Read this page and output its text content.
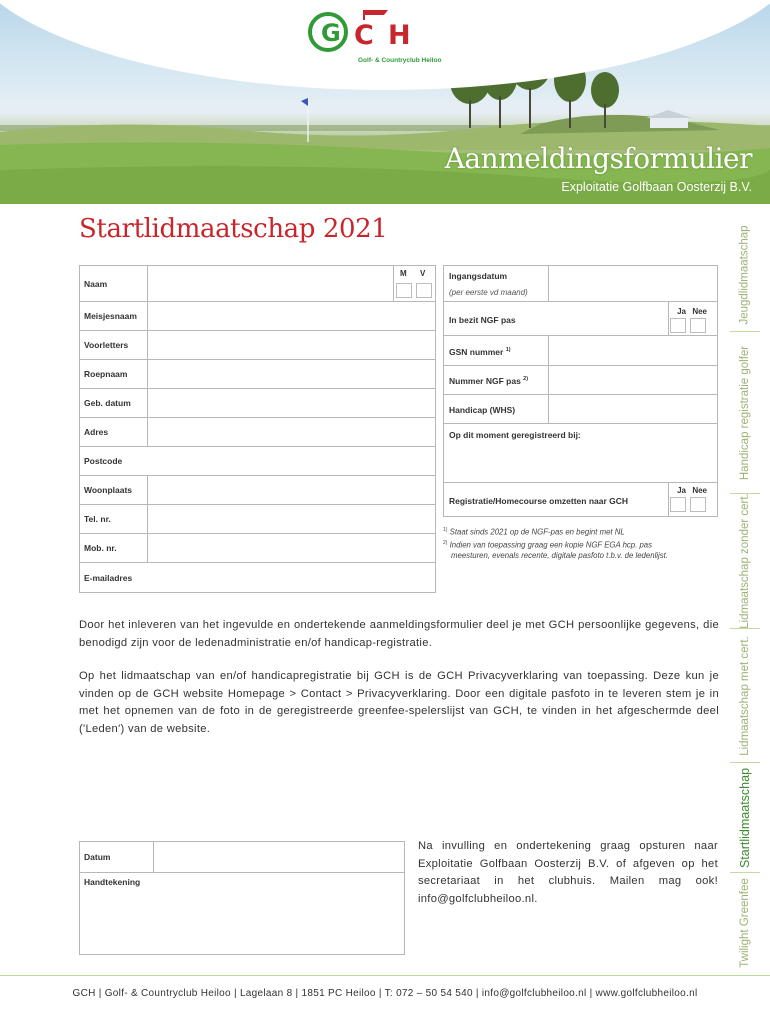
G C H
Golf- & Countryclub Heiloo
Aanmeldingsformulier
Exploitatie Golfbaan Oosterzij B.V.
Startlidmaatschap 2021
Naam
M V
Meisjesnaam
Voorletters
Roepnaam
Geb. datum
Adres
Postcode
Woonplaats
Tel. nr.
Mob. nr.
E-mailadres
Ingangsdatum
(per eerste vd maand)
In bezit NGF pas
Ja Nee
GSN nummer $^{1)}$
Nummer NGF pas $^{2)}$
Handicap (WHS)
Op dit moment geregistreerd bij:
Registratie/Homecourse omzetten naar GCH
Ja Nee
$^{1)}$ Staat sinds 2021 op de NGF-pas en begint met NL
$^{2)}$ Indien van toepassing graag een kopie NGF EGA hcp. pas
meesturen, evenals recente, digitale pasfoto t.b.v. de ledenlijst.
Door het inleveren van het ingevulde en ondertekende aanmeldingsformulier deel je met GCH persoonlijke gegevens, die benodigd zijn voor de ledenadministratie en/of handicap-registratie.
Op het lidmaatschap van en/of handicapregistratie bij GCH is de GCH Privacyverklaring van toepassing. Deze kun je vinden op de GCH website Homepage > Contact > Privacyverklaring. Door een digitale pasfoto in te leveren stem je in met het opnemen van de foto in de geregistreerde greenfee-spelerslijst van GCH, te vinden in het afgeschermde deel ('Leden') van de website.
Datum
Handtekening
Na invulling en ondertekening graag opsturen naar Exploitatie Golfbaan Oosterzij B.V. of afgeven op het secretariaat in het clubhuis. Mailen mag ook! info@golfclubheiloo.nl.
Jeugdlidmaatschap
Handicap registratie golfer
Lidmaatschap zonder cert.
Lidmaatschap met cert.
Startlidmaatschap
Twilight Greenfee
GCH | Golf- & Countryclub Heiloo | Lagelaan 8 | 1851 PC Heiloo | T: 072 – 50 54 540 | info@golfclubheiloo.nl | www.golfclubheiloo.nl
